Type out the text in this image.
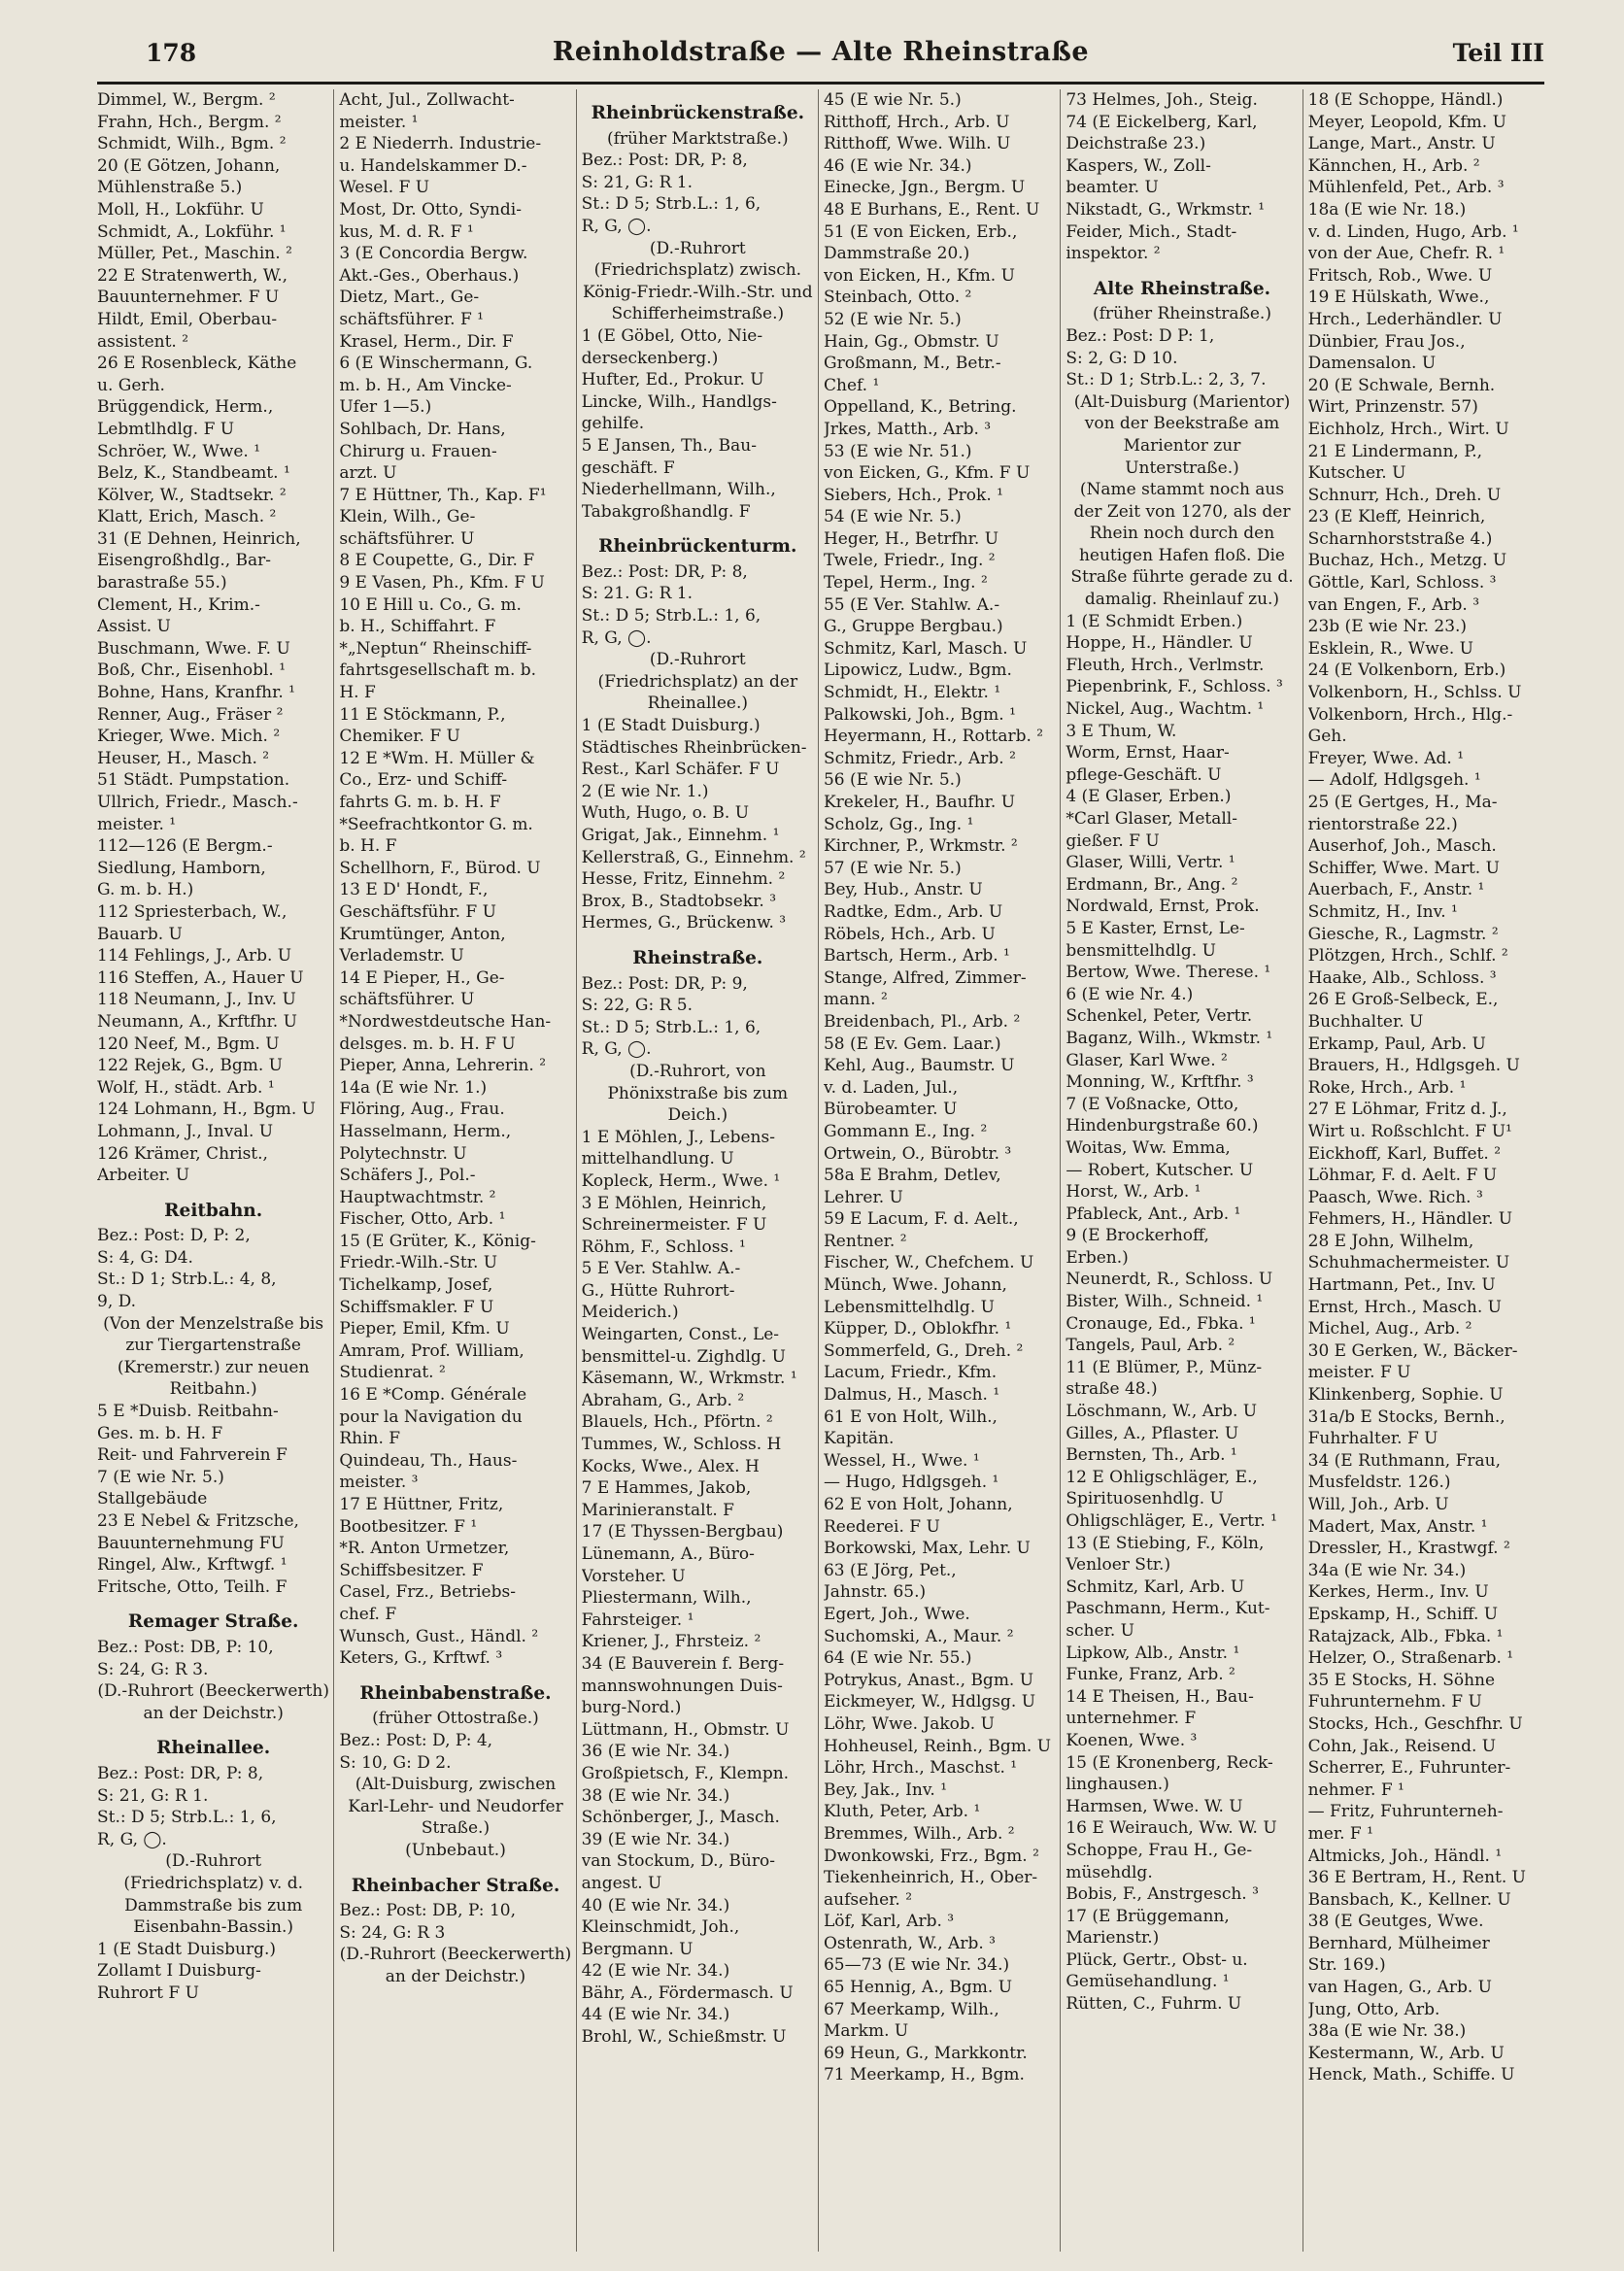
178	Reinholdstraße — Alte Rheinstraße	Teil III
Dimmel, W., Bergm. ²
Frahn, Hch., Bergm. ²
Schmidt, Wilh., Bgm. ²
20 (E Götzen, Johann,
Mühlenstraße 5.)
Moll, H., Lokführ. U
Schmidt, A., Lokführ. ¹
Müller, Pet., Maschin. ²
22 E Stratenwerth, W.,
Bauunternehmer. F U
Hildt, Emil, Oberbau-
assistent. ²
26 E Rosenbleck, Käthe
u. Gerh.
Brüggendick, Herm.,
Lebmtlhdlg. F U
Schröer, W., Wwe. ¹
Belz, K., Standbeamt. ¹
Kölver, W., Stadtsekr. ²
Klatt, Erich, Masch. ²
31 (E Dehnen, Heinrich,
Eisengroßhdlg., Bar-
barastraße 55.)
Clement, H., Krim.-
Assist. U
Buschmann, Wwe. F. U
Boß, Chr., Eisenhobl. ¹
Bohne, Hans, Kranfhr. ¹
Renner, Aug., Fräser ²
Krieger, Wwe. Mich. ²
Heuser, H., Masch. ²
51 Städt. Pumpstation.
Ullrich, Friedr., Masch.-
meister. ¹
112—126 (E Bergm.-
Siedlung, Hamborn,
G. m. b. H.)
112 Spriesterbach, W.,
Bauarb. U
114 Fehlings, J., Arb. U
116 Steffen, A., Hauer U
118 Neumann, J., Inv. U
Neumann, A., Krftfhr. U
120 Neef, M., Bgm. U
122 Rejek, G., Bgm. U
Wolf, H., städt. Arb. ¹
124 Lohmann, H., Bgm. U
Lohmann, J., Inval. U
126 Krämer, Christ.,
Arbeiter. U
Reitbahn.
Bez.: Post: D, P: 2,
S: 4, G: D4.
St.: D 1; Strb.L.: 4, 8,
9, D.
(Von der Menzelstraße bis zur Tiergartenstraße (Kremerstr.) zur neuen Reitbahn.)
5 E *Duisb. Reitbahn-
Ges. m. b. H. F
Reit- und Fahrverein F
7 (E wie Nr. 5.)
Stallgebäude
23 E Nebel & Fritzsche,
Bauunternehmung FU
Ringel, Alw., Krftwgf. ¹
Fritsche, Otto, Teilh. F
Remager Straße.
Bez.: Post: DB, P: 10,
S: 24, G: R 3.
(D.-Ruhrort (Beeckerwerth) an der Deichstr.)
Rheinallee.
Bez.: Post: DR, P: 8,
S: 21, G: R 1.
St.: D 5; Strb.L.: 1, 6,
R, G, ◯.
(D.-Ruhrort (Friedrichsplatz) v. d. Dammstraße bis zum Eisenbahn-Bassin.)
1 (E Stadt Duisburg.)
Zollamt I Duisburg-
Ruhrort F U
Acht, Jul., Zollwacht-
meister. ¹
2 E Niederrh. Industrie-
u. Handelskammer D.-
Wesel. F U
Most, Dr. Otto, Syndi-
kus, M. d. R. F ¹
3 (E Concordia Bergw.
Akt.-Ges., Oberhaus.)
Dietz, Mart., Ge-
schäftsführer. F ¹
Krasel, Herm., Dir. F
6 (E Winschermann, G.
m. b. H., Am Vincke-
Ufer 1—5.)
Sohlbach, Dr. Hans,
Chirurg u. Frauen-
arzt. U
7 E Hüttner, Th., Kap. F¹
Klein, Wilh., Ge-
schäftsführer. U
8 E Coupette, G., Dir. F
9 E Vasen, Ph., Kfm. F U
10 E Hill u. Co., G. m.
b. H., Schiffahrt. F
*„Neptun“ Rheinschiff-
fahrtsgesellschaft m. b.
H. F
11 E Stöckmann, P.,
Chemiker. F U
12 E *Wm. H. Müller &
Co., Erz- und Schiff-
fahrts G. m. b. H. F
*Seefrachtkontor G. m.
b. H. F
Schellhorn, F., Bürod. U
13 E D' Hondt, F.,
Geschäftsführ. F U
Krumtünger, Anton,
Verlademstr. U
14 E Pieper, H., Ge-
schäftsführer. U
*Nordwestdeutsche Han-
delsges. m. b. H. F U
Pieper, Anna, Lehrerin. ²
14a (E wie Nr. 1.)
Flöring, Aug., Frau.
Hasselmann, Herm.,
Polytechnstr. U
Schäfers J., Pol.-
Hauptwachtmstr. ²
Fischer, Otto, Arb. ¹
15 (E Grüter, K., König-
Friedr.-Wilh.-Str. U
Tichelkamp, Josef,
Schiffsmakler. F U
Pieper, Emil, Kfm. U
Amram, Prof. William,
Studienrat. ²
16 E *Comp. Générale
pour la Navigation du
Rhin. F
Quindeau, Th., Haus-
meister. ³
17 E Hüttner, Fritz,
Bootbesitzer. F ¹
*R. Anton Urmetzer,
Schiffsbesitzer. F
Casel, Frz., Betriebs-
chef. F
Wunsch, Gust., Händl. ²
Keters, G., Krftwf. ³
Rheinbabenstraße.
(früher Ottostraße.)
Bez.: Post: D, P: 4,
S: 10, G: D 2.
(Alt-Duisburg, zwischen Karl-Lehr- und Neudorfer Straße.)
(Unbebaut.)
Rheinbacher Straße.
Bez.: Post: DB, P: 10,
S: 24, G: R 3
(D.-Ruhrort (Beeckerwerth) an der Deichstr.)
Rheinbrückenstraße.
(früher Marktstraße.)
Bez.: Post: DR, P: 8,
S: 21, G: R 1.
St.: D 5; Strb.L.: 1, 6,
R, G, ◯.
(D.-Ruhrort (Friedrichsplatz) zwisch. König-Friedr.-Wilh.-Str. und Schifferheimstraße.)
1 (E Göbel, Otto, Nie-
derseckenberg.)
Hufter, Ed., Prokur. U
Lincke, Wilh., Handlgs-
gehilfe.
5 E Jansen, Th., Bau-
geschäft. F
Niederhellmann, Wilh.,
Tabakgroßhandlg. F
Rheinbrückenturm.
Bez.: Post: DR, P: 8,
S: 21. G: R 1.
St.: D 5; Strb.L.: 1, 6,
R, G, ◯.
(D.-Ruhrort (Friedrichsplatz) an der Rheinallee.)
1 (E Stadt Duisburg.)
Städtisches Rheinbrücken-
Rest., Karl Schäfer. F U
2 (E wie Nr. 1.)
Wuth, Hugo, o. B. U
Grigat, Jak., Einnehm. ¹
Kellerstraß, G., Einnehm. ²
Hesse, Fritz, Einnehm. ²
Brox, B., Stadtobsekr. ³
Hermes, G., Brückenw. ³
Rheinstraße.
Bez.: Post: DR, P: 9,
S: 22, G: R 5.
St.: D 5; Strb.L.: 1, 6,
R, G, ◯.
(D.-Ruhrort, von Phönixstraße bis zum Deich.)
1 E Möhlen, J., Lebens-
mittelhandlung. U
Kopleck, Herm., Wwe. ¹
3 E Möhlen, Heinrich,
Schreinermeister. F U
Röhm, F., Schloss. ¹
5 E Ver. Stahlw. A.-
G., Hütte Ruhrort-
Meiderich.)
Weingarten, Const., Le-
bensmittel-u. Zighdlg. U
Käsemann, W., Wrkmstr. ¹
Abraham, G., Arb. ²
Blauels, Hch., Pförtn. ²
Tummes, W., Schloss. H
Kocks, Wwe., Alex. H
7 E Hammes, Jakob,
Marinieranstalt. F
17 (E Thyssen-Bergbau)
Lünemann, A., Büro-
Vorsteher. U
Pliestermann, Wilh.,
Fahrsteiger. ¹
Kriener, J., Fhrsteiz. ²
34 (E Bauverein f. Berg-
mannswohnungen Duis-
burg-Nord.)
Lüttmann, H., Obmstr. U
36 (E wie Nr. 34.)
Großpietsch, F., Klempn.
38 (E wie Nr. 34.)
Schönberger, J., Masch.
39 (E wie Nr. 34.)
van Stockum, D., Büro-
angest. U
40 (E wie Nr. 34.)
Kleinschmidt, Joh.,
Bergmann. U
42 (E wie Nr. 34.)
Bähr, A., Fördermasch. U
44 (E wie Nr. 34.)
Brohl, W., Schießmstr. U
45 (E wie Nr. 5.)
Ritthoff, Hrch., Arb. U
Ritthoff, Wwe. Wilh. U
46 (E wie Nr. 34.)
Einecke, Jgn., Bergm. U
48 E Burhans, E., Rent. U
51 (E von Eicken, Erb.,
Dammstraße 20.)
von Eicken, H., Kfm. U
Steinbach, Otto. ²
52 (E wie Nr. 5.)
Hain, Gg., Obmstr. U
Großmann, M., Betr.-
Chef. ¹
Oppelland, K., Betring.
Jrkes, Matth., Arb. ³
53 (E wie Nr. 51.)
von Eicken, G., Kfm. F U
Siebers, Hch., Prok. ¹
54 (E wie Nr. 5.)
Heger, H., Betrfhr. U
Twele, Friedr., Ing. ²
Tepel, Herm., Ing. ²
55 (E Ver. Stahlw. A.-
G., Gruppe Bergbau.)
Schmitz, Karl, Masch. U
Lipowicz, Ludw., Bgm.
Schmidt, H., Elektr. ¹
Palkowski, Joh., Bgm. ¹
Heyermann, H., Rottarb. ²
Schmitz, Friedr., Arb. ²
56 (E wie Nr. 5.)
Krekeler, H., Baufhr. U
Scholz, Gg., Ing. ¹
Kirchner, P., Wrkmstr. ²
57 (E wie Nr. 5.)
Bey, Hub., Anstr. U
Radtke, Edm., Arb. U
Röbels, Hch., Arb. U
Bartsch, Herm., Arb. ¹
Stange, Alfred, Zimmer-
mann. ²
Breidenbach, Pl., Arb. ²
58 (E Ev. Gem. Laar.)
Kehl, Aug., Baumstr. U
v. d. Laden, Jul.,
Bürobeamter. U
Gommann E., Ing. ²
Ortwein, O., Bürobtr. ³
58a E Brahm, Detlev,
Lehrer. U
59 E Lacum, F. d. Aelt.,
Rentner. ²
Fischer, W., Chefchem. U
Münch, Wwe. Johann,
Lebensmittelhdlg. U
Küpper, D., Oblokfhr. ¹
Sommerfeld, G., Dreh. ²
Lacum, Friedr., Kfm.
Dalmus, H., Masch. ¹
61 E von Holt, Wilh.,
Kapitän.
Wessel, H., Wwe. ¹
— Hugo, Hdlgsgeh. ¹
62 E von Holt, Johann,
Reederei. F U
Borkowski, Max, Lehr. U
63 (E Jörg, Pet.,
Jahnstr. 65.)
Egert, Joh., Wwe.
Suchomski, A., Maur. ²
64 (E wie Nr. 55.)
Potrykus, Anast., Bgm. U
Eickmeyer, W., Hdlgsg. U
Löhr, Wwe. Jakob. U
Hohheusel, Reinh., Bgm. U
Löhr, Hrch., Maschst. ¹
Bey, Jak., Inv. ¹
Kluth, Peter, Arb. ¹
Bremmes, Wilh., Arb. ²
Dwonkowski, Frz., Bgm. ²
Tiekenheinrich, H., Ober-
aufseher. ²
Löf, Karl, Arb. ³
Ostenrath, W., Arb. ³
65—73 (E wie Nr. 34.)
65 Hennig, A., Bgm. U
67 Meerkamp, Wilh.,
Markm. U
69 Heun, G., Markkontr.
71 Meerkamp, H., Bgm.
73 Helmes, Joh., Steig.
74 (E Eickelberg, Karl,
Deichstraße 23.)
Kaspers, W., Zoll-
beamter. U
Nikstadt, G., Wrkmstr. ¹
Feider, Mich., Stadt-
inspektor. ²
Alte Rheinstraße.
(früher Rheinstraße.)
Bez.: Post: D P: 1,
S: 2, G: D 10.
St.: D 1; Strb.L.: 2, 3, 7.
(Alt-Duisburg (Marientor) von der Beekstraße am Marientor zur Unterstraße.)
(Name stammt noch aus der Zeit von 1270, als der Rhein noch durch den heutigen Hafen floß. Die Straße führte gerade zu d. damalig. Rheinlauf zu.)
1 (E Schmidt Erben.)
Hoppe, H., Händler. U
Fleuth, Hrch., Verlmstr.
Piepenbrink, F., Schloss. ³
Nickel, Aug., Wachtm. ¹
3 E Thum, W.
Worm, Ernst, Haar-
pflege-Geschäft. U
4 (E Glaser, Erben.)
*Carl Glaser, Metall-
gießer. F U
Glaser, Willi, Vertr. ¹
Erdmann, Br., Ang. ²
Nordwald, Ernst, Prok.
5 E Kaster, Ernst, Le-
bensmittelhdlg. U
Bertow, Wwe. Therese. ¹
6 (E wie Nr. 4.)
Schenkel, Peter, Vertr.
Baganz, Wilh., Wkmstr. ¹
Glaser, Karl Wwe. ²
Monning, W., Krftfhr. ³
7 (E Voßnacke, Otto,
Hindenburgstraße 60.)
Woitas, Ww. Emma,
— Robert, Kutscher. U
Horst, W., Arb. ¹
Pfableck, Ant., Arb. ¹
9 (E Brockerhoff,
Erben.)
Neunerdt, R., Schloss. U
Bister, Wilh., Schneid. ¹
Cronauge, Ed., Fbka. ¹
Tangels, Paul, Arb. ²
11 (E Blümer, P., Münz-
straße 48.)
Löschmann, W., Arb. U
Gilles, A., Pflaster. U
Bernsten, Th., Arb. ¹
12 E Ohligschläger, E.,
Spirituosenhdlg. U
Ohligschläger, E., Vertr. ¹
13 (E Stiebing, F., Köln,
Venloer Str.)
Schmitz, Karl, Arb. U
Paschmann, Herm., Kut-
scher. U
Lipkow, Alb., Anstr. ¹
Funke, Franz, Arb. ²
14 E Theisen, H., Bau-
unternehmer. F
Koenen, Wwe. ³
15 (E Kronenberg, Reck-
linghausen.)
Harmsen, Wwe. W. U
16 E Weirauch, Ww. W. U
Schoppe, Frau H., Ge-
müsehdlg.
Bobis, F., Anstrgesch. ³
17 (E Brüggemann,
Marienstr.)
Plück, Gertr., Obst- u.
Gemüsehandlung. ¹
Rütten, C., Fuhrm. U
18 (E Schoppe, Händl.)
Meyer, Leopold, Kfm. U
Lange, Mart., Anstr. U
Kännchen, H., Arb. ²
Mühlenfeld, Pet., Arb. ³
18a (E wie Nr. 18.)
v. d. Linden, Hugo, Arb. ¹
von der Aue, Chefr. R. ¹
Fritsch, Rob., Wwe. U
19 E Hülskath, Wwe.,
Hrch., Lederhändler. U
Dünbier, Frau Jos.,
Damensalon. U
20 (E Schwale, Bernh.
Wirt, Prinzenstr. 57)
Eichholz, Hrch., Wirt. U
21 E Lindermann, P.,
Kutscher. U
Schnurr, Hch., Dreh. U
23 (E Kleff, Heinrich,
Scharnhorststraße 4.)
Buchaz, Hch., Metzg. U
Göttle, Karl, Schloss. ³
van Engen, F., Arb. ³
23b (E wie Nr. 23.)
Esklein, R., Wwe. U
24 (E Volkenborn, Erb.)
Volkenborn, H., Schlss. U
Volkenborn, Hrch., Hlg.-
Geh.
Freyer, Wwe. Ad. ¹
— Adolf, Hdlgsgeh. ¹
25 (E Gertges, H., Ma-
rientorstraße 22.)
Auserhof, Joh., Masch.
Schiffer, Wwe. Mart. U
Auerbach, F., Anstr. ¹
Schmitz, H., Inv. ¹
Giesche, R., Lagmstr. ²
Plötzgen, Hrch., Schlf. ²
Haake, Alb., Schloss. ³
26 E Groß-Selbeck, E.,
Buchhalter. U
Erkamp, Paul, Arb. U
Brauers, H., Hdlgsgeh. U
Roke, Hrch., Arb. ¹
27 E Löhmar, Fritz d. J.,
Wirt u. Roßschlcht. F U¹
Eickhoff, Karl, Buffet. ²
Löhmar, F. d. Aelt. F U
Paasch, Wwe. Rich. ³
Fehmers, H., Händler. U
28 E John, Wilhelm,
Schuhmachermeister. U
Hartmann, Pet., Inv. U
Ernst, Hrch., Masch. U
Michel, Aug., Arb. ²
30 E Gerken, W., Bäcker-
meister. F U
Klinkenberg, Sophie. U
31a/b E Stocks, Bernh.,
Fuhrhalter. F U
34 (E Ruthmann, Frau,
Musfeldstr. 126.)
Will, Joh., Arb. U
Madert, Max, Anstr. ¹
Dressler, H., Krastwgf. ²
34a (E wie Nr. 34.)
Kerkes, Herm., Inv. U
Epskamp, H., Schiff. U
Ratajzack, Alb., Fbka. ¹
Helzer, O., Straßenarb. ¹
35 E Stocks, H. Söhne
Fuhrunternehm. F U
Stocks, Hch., Geschfhr. U
Cohn, Jak., Reisend. U
Scherrer, E., Fuhrunter-
nehmer. F ¹
— Fritz, Fuhrunterneh-
mer. F ¹
Altmicks, Joh., Händl. ¹
36 E Bertram, H., Rent. U
Bansbach, K., Kellner. U
38 (E Geutges, Wwe.
Bernhard, Mülheimer
Str. 169.)
van Hagen, G., Arb. U
Jung, Otto, Arb.
38a (E wie Nr. 38.)
Kestermann, W., Arb. U
Henck, Math., Schiffe. U
